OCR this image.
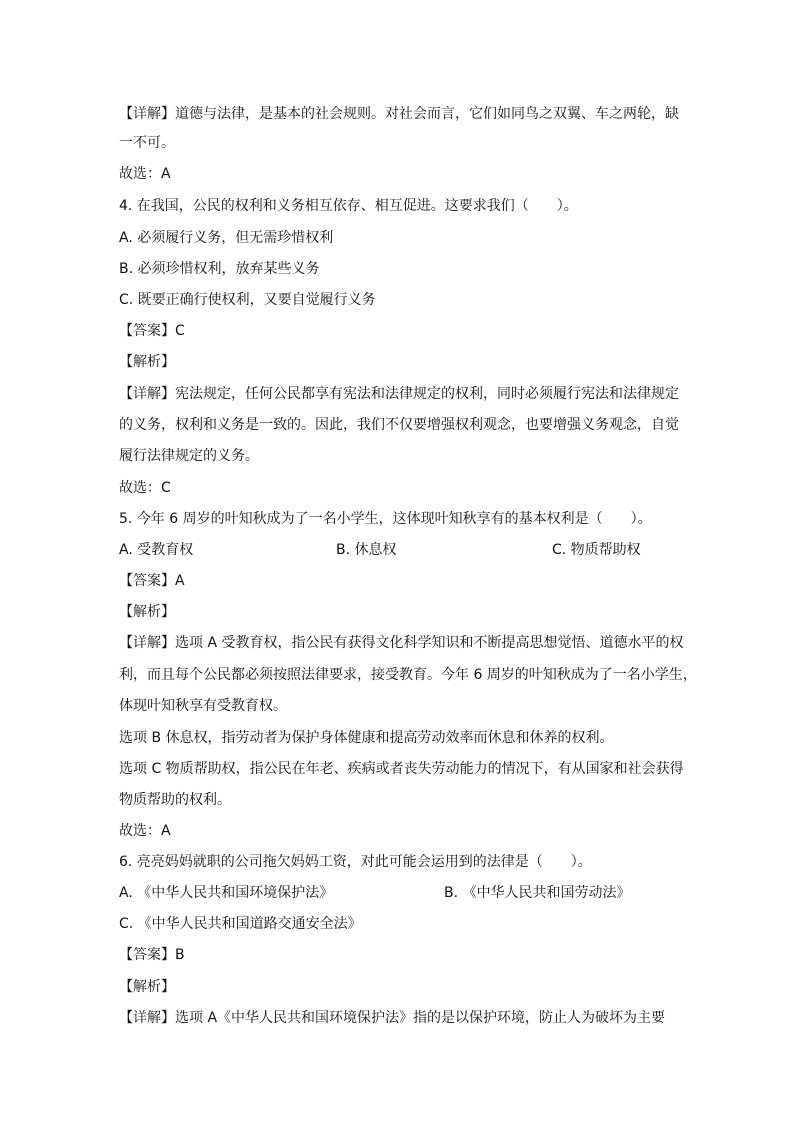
【详解】道德与法律，是基本的社会规则。对社会而言，它们如同鸟之双翼、车之两轮，缺
一不可。
故选：A
4. 在我国，公民的权利和义务相互依存、相互促进。这要求我们（　　）。
A. 必须履行义务，但无需珍惜权利
B. 必须珍惜权利，放弃某些义务
C. 既要正确行使权利，又要自觉履行义务
【答案】C
【解析】
【详解】宪法规定，任何公民都享有宪法和法律规定的权利，同时必须履行宪法和法律规定
的义务，权利和义务是一致的。因此，我们不仅要增强权利观念，也要增强义务观念，自觉
履行法律规定的义务。
故选：C
5. 今年 6 周岁的叶知秋成为了一名小学生，这体现叶知秋享有的基本权利是（　　）。
A. 受教育权	B. 休息权	C. 物质帮助权
【答案】A
【解析】
【详解】选项 A 受教育权，指公民有获得文化科学知识和不断提高思想觉悟、道德水平的权
利，而且每个公民都必须按照法律要求，接受教育。今年 6 周岁的叶知秋成为了一名小学生，
体现叶知秋享有受教育权。
选项 B 休息权，指劳动者为保护身体健康和提高劳动效率而休息和休养的权利。
选项 C 物质帮助权，指公民在年老、疾病或者丧失劳动能力的情况下，有从国家和社会获得
物质帮助的权利。
故选：A
6. 亮亮妈妈就职的公司拖欠妈妈工资，对此可能会运用到的法律是（　　）。
A. 《中华人民共和国环境保护法》	B. 《中华人民共和国劳动法》
C. 《中华人民共和国道路交通安全法》
【答案】B
【解析】
【详解】选项 A《中华人民共和国环境保护法》指的是以保护环境，防止人为破坏为主要
